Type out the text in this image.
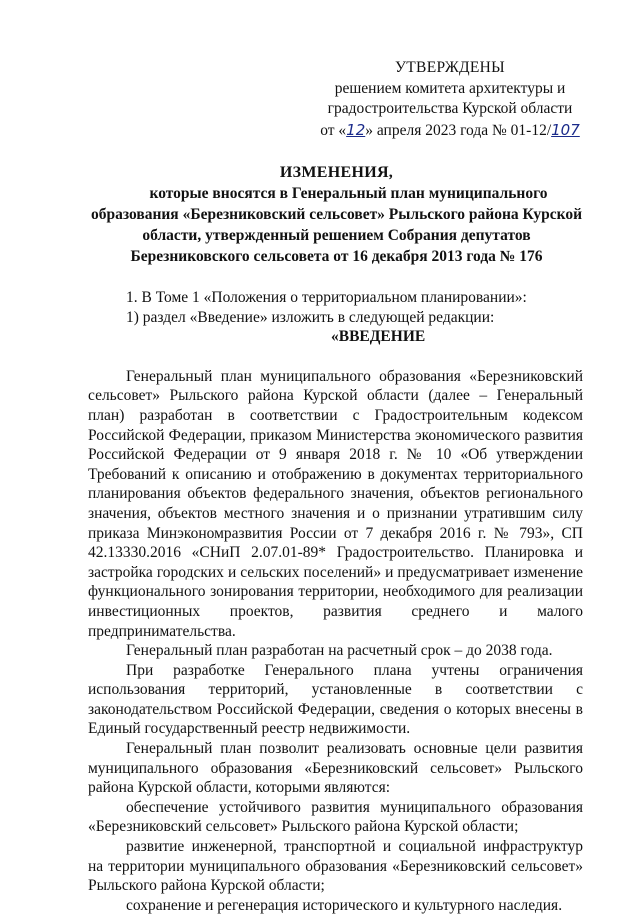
УТВЕРЖДЕНЫ
решением комитета архитектуры и
градостроительства Курской области
от «12» апреля 2023 года № 01-12/107
ИЗМЕНЕНИЯ,
которые вносятся в Генеральный план муниципального
образования «Березниковский сельсовет» Рыльского района Курской
области, утвержденный решением Собрания депутатов
Березниковского сельсовета от 16 декабря 2013 года № 176

1. В Томе 1 «Положения о территориальном планировании»:

1) раздел «Введение» изложить в следующей редакции:

«ВВЕДЕНИЕ

Генеральный план муниципального образования «Березниковский сельсовет» Рыльского района Курской области (далее – Генеральный план) разработан в соответствии с Градостроительным кодексом Российской Федерации, приказом Министерства экономического развития Российской Федерации от 9 января 2018 г. № 10 «Об утверждении Требований к описанию и отображению в документах территориального планирования объектов федерального значения, объектов регионального значения, объектов местного значения и о признании утратившим силу приказа Минэкономразвития России от 7 декабря 2016 г. № 793», СП 42.13330.2016 «СНиП 2.07.01-89* Градостроительство. Планировка и застройка городских и сельских поселений» и предусматривает изменение функционального зонирования территории, необходимого для реализации инвестиционных проектов, развития среднего и малого предпринимательства.

Генеральный план разработан на расчетный срок – до 2038 года.

При разработке Генерального плана учтены ограничения использования территорий, установленные в соответствии с законодательством Российской Федерации, сведения о которых внесены в Единый государственный реестр недвижимости.

Генеральный план позволит реализовать основные цели развития муниципального образования «Березниковский сельсовет» Рыльского района Курской области, которыми являются:

обеспечение устойчивого развития муниципального образования «Березниковский сельсовет» Рыльского района Курской области;

развитие инженерной, транспортной и социальной инфраструктур на территории муниципального образования «Березниковский сельсовет» Рыльского района Курской области;

сохранение и регенерация исторического и культурного наследия.
